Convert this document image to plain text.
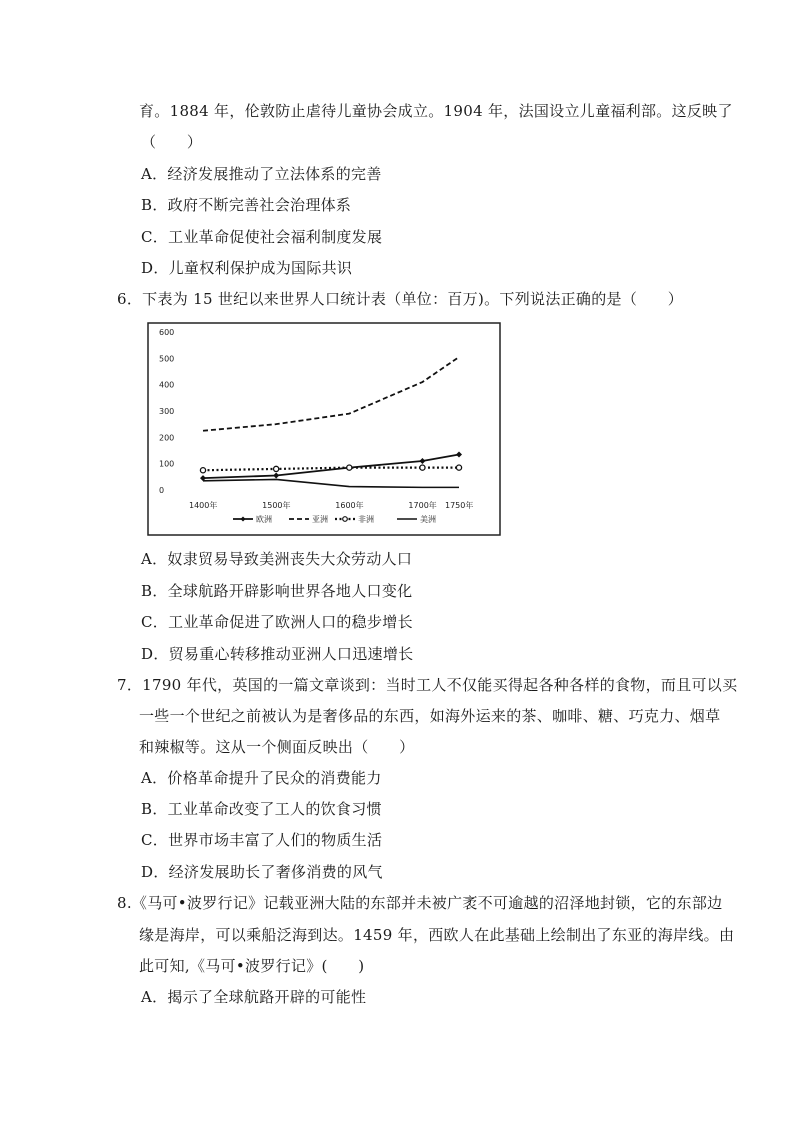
育。1884 年，伦敦防止虐待儿童协会成立。1904 年，法国设立儿童福利部。这反映了
（　　）
A．经济发展推动了立法体系的完善
B．政府不断完善社会治理体系
C．工业革命促使社会福利制度发展
D．儿童权利保护成为国际共识
6．下表为 15 世纪以来世界人口统计表（单位：百万)。下列说法正确的是（　　）
600
500
400
300
200
100
0
1400年	1500年	1600年	1700年 1750年
欧洲	亚洲	非洲	美洲
A．奴隶贸易导致美洲丧失大众劳动人口
B．全球航路开辟影响世界各地人口变化
C．工业革命促进了欧洲人口的稳步增长
D．贸易重心转移推动亚洲人口迅速增长
7．1790 年代，英国的一篇文章谈到：当时工人不仅能买得起各种各样的食物，而且可以买
一些一个世纪之前被认为是奢侈品的东西，如海外运来的茶、咖啡、糖、巧克力、烟草
和辣椒等。这从一个侧面反映出（　　）
A．价格革命提升了民众的消费能力
B．工业革命改变了工人的饮食习惯
C．世界市场丰富了人们的物质生活
D．经济发展助长了奢侈消费的风气
8.《马可•波罗行记》记载亚洲大陆的东部并未被广袤不可逾越的沼泽地封锁，它的东部边
缘是海岸，可以乘船泛海到达。1459 年，西欧人在此基础上绘制出了东亚的海岸线。由
此可知,《马可•波罗行记》(　　)
A．揭示了全球航路开辟的可能性
